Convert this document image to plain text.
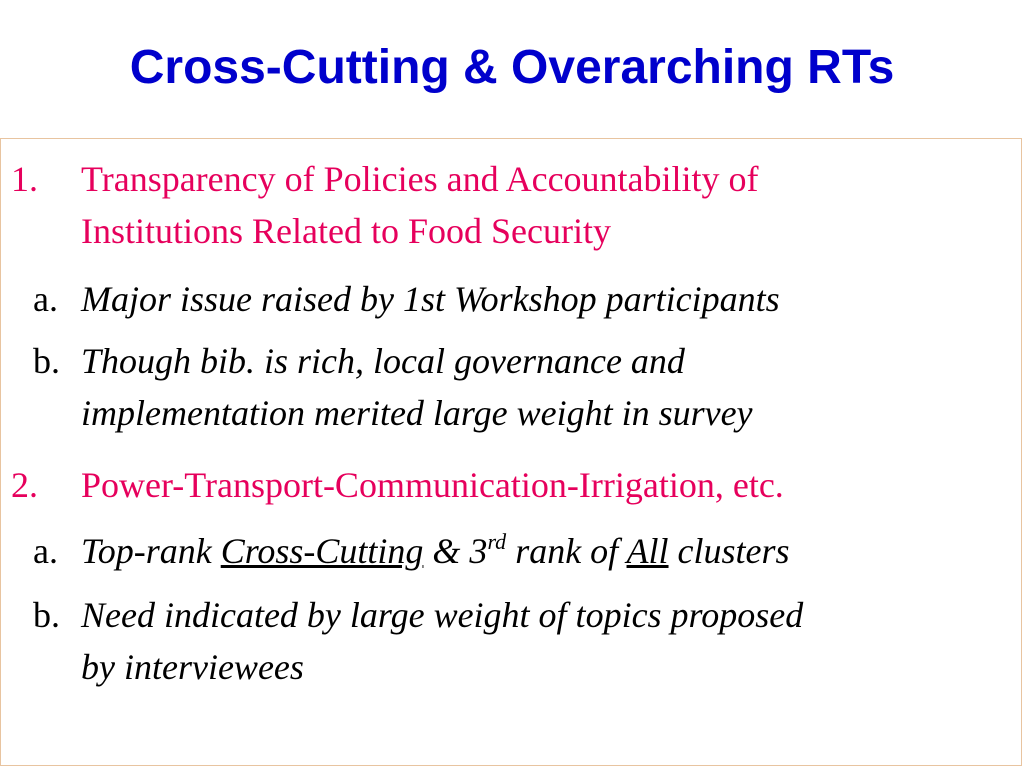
Cross-Cutting & Overarching RTs
1. Transparency of Policies and Accountability of
Institutions Related to Food Security
a. Major issue raised by 1st Workshop participants
b. Though bib. is rich, local governance and
implementation merited large weight in survey
2. Power-Transport-Communication-Irrigation, etc.
a. Top-rank Cross-Cutting & 3rd rank of All clusters
b. Need indicated by large weight of topics proposed
by interviewees
